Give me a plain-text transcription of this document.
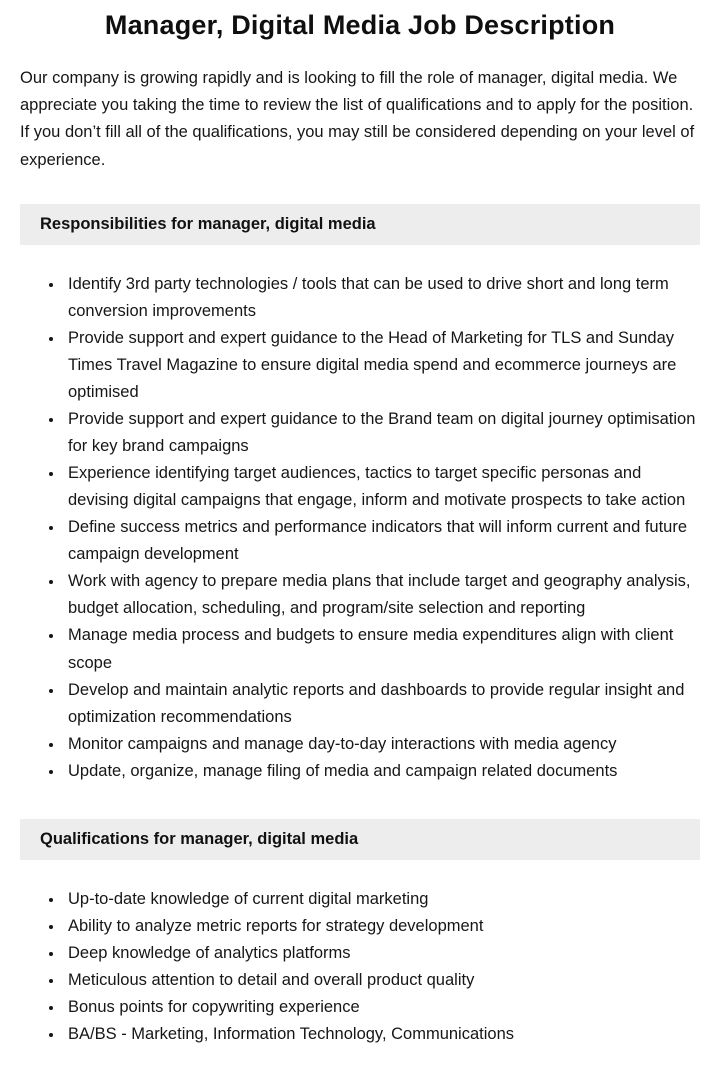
Manager, Digital Media Job Description

Our company is growing rapidly and is looking to fill the role of manager, digital media. We appreciate you taking the time to review the list of qualifications and to apply for the position. If you don’t fill all of the qualifications, you may still be considered depending on your level of experience.

Responsibilities for manager, digital media
• Identify 3rd party technologies / tools that can be used to drive short and long term conversion improvements
• Provide support and expert guidance to the Head of Marketing for TLS and Sunday Times Travel Magazine to ensure digital media spend and ecommerce journeys are optimised
• Provide support and expert guidance to the Brand team on digital journey optimisation for key brand campaigns
• Experience identifying target audiences, tactics to target specific personas and devising digital campaigns that engage, inform and motivate prospects to take action
• Define success metrics and performance indicators that will inform current and future campaign development
• Work with agency to prepare media plans that include target and geography analysis, budget allocation, scheduling, and program/site selection and reporting
• Manage media process and budgets to ensure media expenditures align with client scope
• Develop and maintain analytic reports and dashboards to provide regular insight and optimization recommendations
• Monitor campaigns and manage day-to-day interactions with media agency
• Update, organize, manage filing of media and campaign related documents
Qualifications for manager, digital media
• Up-to-date knowledge of current digital marketing
• Ability to analyze metric reports for strategy development
• Deep knowledge of analytics platforms
• Meticulous attention to detail and overall product quality
• Bonus points for copywriting experience
• BA/BS - Marketing, Information Technology, Communications
